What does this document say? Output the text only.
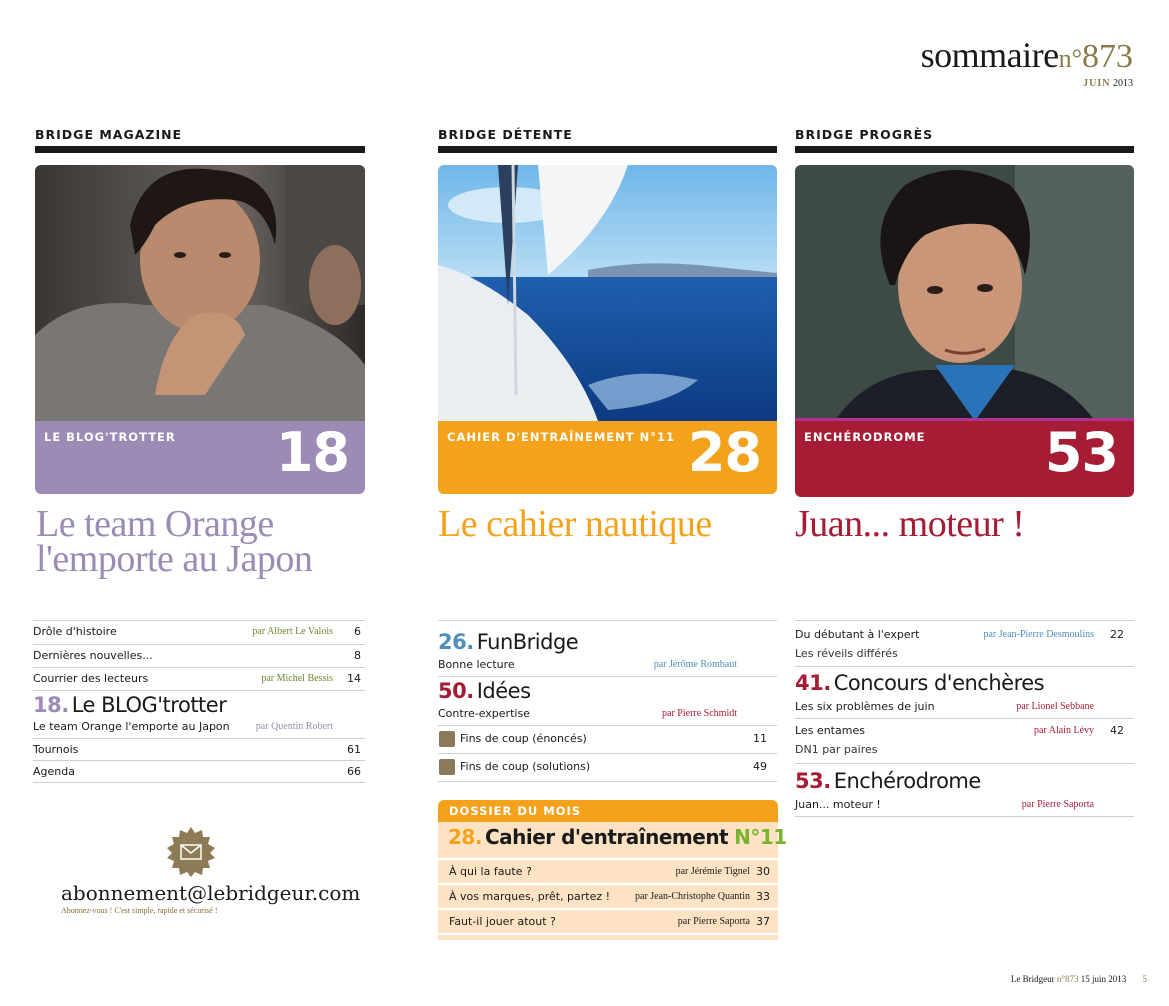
sommairen°873
JUIN 2013
BRIDGE MAGAZINE
LE BLOG'TROTTER 18
Le team Orange
l'emporte au Japon
BRIDGE DÉTENTE
CAHIER D'ENTRAÎNEMENT N°11 28
Le cahier nautique
BRIDGE PROGRÈS
ENCHÉRODROME 53
Juan... moteur !
Drôle d'histoire	par Albert Le Valois 6
Dernières nouvelles...	8
Courrier des lecteurs	par Michel Bessis 14
18. Le BLOG'trotter
Le team Orange l'emporte au Japon	par Quentin Robert
Tournois	61
Agenda	66
abonnement@lebridgeur.com
Abonnez-vous ! C'est simple, rapide et sécurisé !
26. FunBridge
Bonne lecture	par Jérôme Rombaut
50. Idées
Contre-expertise	par Pierre Schmidt
Fins de coup (énoncés)	11
Fins de coup (solutions)	49
DOSSIER DU MOIS
28. Cahier d'entraînement N°11
À qui la faute ?	par Jérémie Tignel 30
À vos marques, prêt, partez ! par Jean-Christophe Quantin 33
Faut-il jouer atout ?	par Pierre Saporta 37
Du débutant à l'expert	par Jean-Pierre Desmoulins 22
Les réveils différés
41. Concours d'enchères
Les six problèmes de juin	par Lionel Sebbane
Les entames	par Alain Lévy 42
DN1 par paires
53. Enchérodrome
Juan... moteur !	par Pierre Saporta
Le Bridgeur n°873 15 juin 2013 5
